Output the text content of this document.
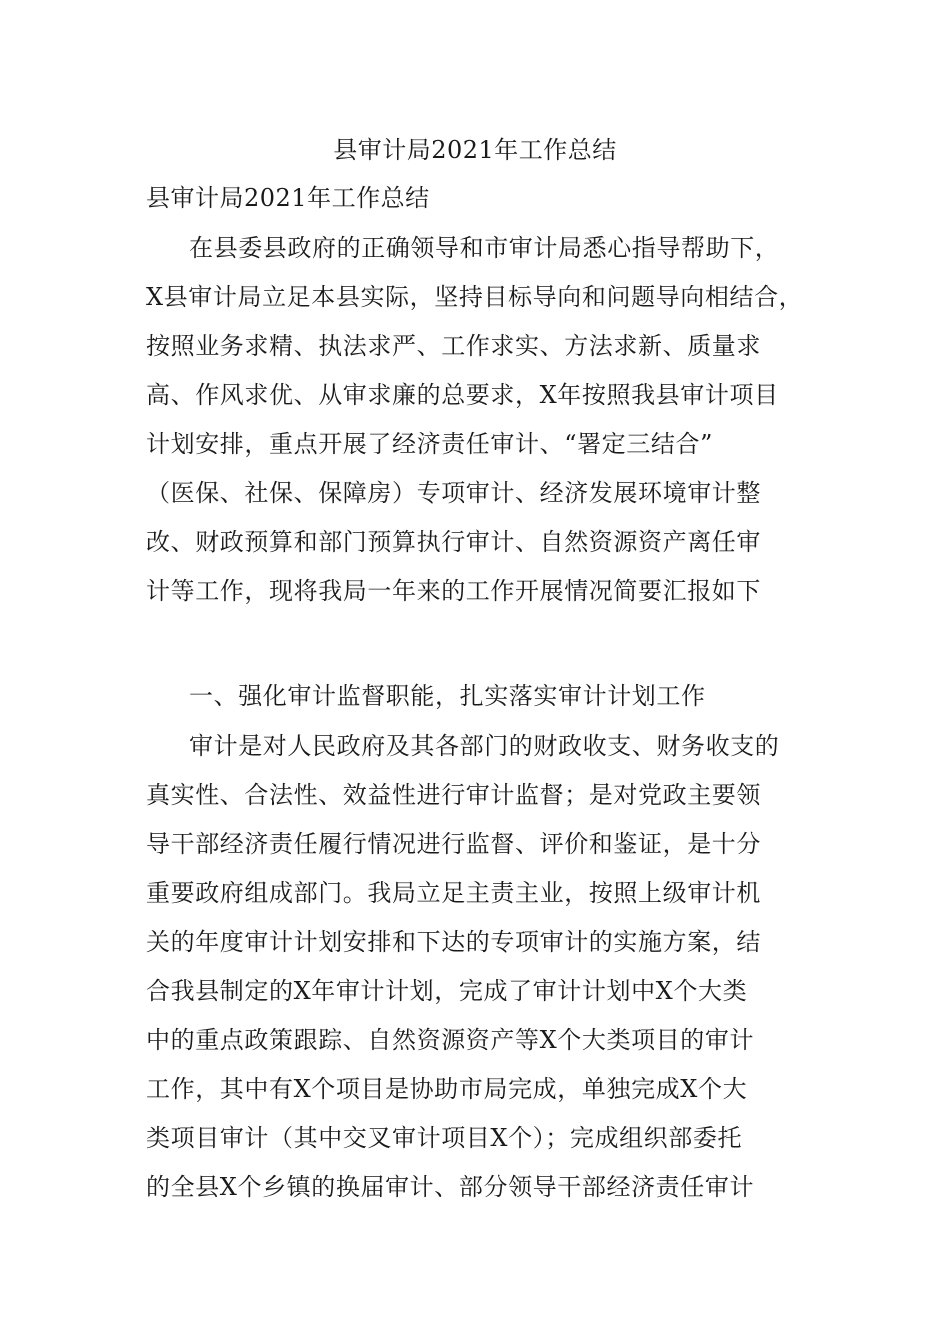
县审计局2021年工作总结
县审计局2021年工作总结
在县委县政府的正确领导和市审计局悉心指导帮助下，
X县审计局立足本县实际，坚持目标导向和问题导向相结合，
按照业务求精、执法求严、工作求实、方法求新、质量求
高、作风求优、从审求廉的总要求，X年按照我县审计项目
计划安排，重点开展了经济责任审计、“署定三结合”
（医保、社保、保障房）专项审计、经济发展环境审计整
改、财政预算和部门预算执行审计、自然资源资产离任审
计等工作，现将我局一年来的工作开展情况简要汇报如下
一、强化审计监督职能，扎实落实审计计划工作
审计是对人民政府及其各部门的财政收支、财务收支的
真实性、合法性、效益性进行审计监督；是对党政主要领
导干部经济责任履行情况进行监督、评价和鉴证，是十分
重要政府组成部门。我局立足主责主业，按照上级审计机
关的年度审计计划安排和下达的专项审计的实施方案，结
合我县制定的X年审计计划，完成了审计计划中X个大类
中的重点政策跟踪、自然资源资产等X个大类项目的审计
工作，其中有X个项目是协助市局完成，单独完成X个大
类项目审计（其中交叉审计项目X个）；完成组织部委托
的全县X个乡镇的换届审计、部分领导干部经济责任审计
